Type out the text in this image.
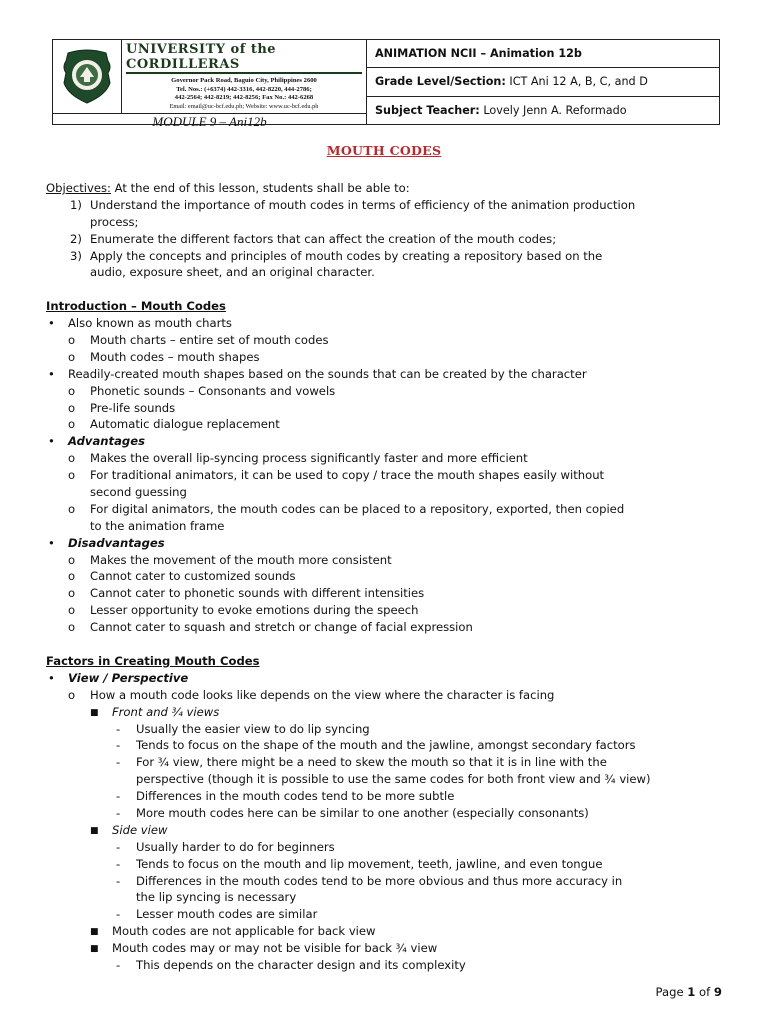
UNIVERSITY of the CORDILLERAS
Governor Pack Road, Baguio City, Philippines 2600
Tel. Nos.: (+6374) 442-3316, 442-8220, 444-2786;
442-2564; 442-8219; 442-8256; Fax No.: 442-6268
Email: email@uc-bcf.edu.ph; Website: www.uc-bcf.edu.ph
MODULE 9 – Ani12b
ANIMATION NCII – Animation 12b
Grade Level/Section:
ICT Ani 12 A, B, C, and D
Subject Teacher:
Lovely Jenn A. Reformado
MOUTH CODES
Objectives: At the end of this lesson, students shall be able to:
1) Understand the importance of mouth codes in terms of efficiency of the animation production
process;
2) Enumerate the different factors that can affect the creation of the mouth codes;
3) Apply the concepts and principles of mouth codes by creating a repository based on the
audio, exposure sheet, and an original character.
Introduction – Mouth Codes
• Also known as mouth charts
o Mouth charts – entire set of mouth codes
o Mouth codes – mouth shapes
• Readily-created mouth shapes based on the sounds that can be created by the character
o Phonetic sounds – Consonants and vowels
o Pre-life sounds
o Automatic dialogue replacement
• Advantages
o Makes the overall lip-syncing process significantly faster and more efficient
o For traditional animators, it can be used to copy / trace the mouth shapes easily without
second guessing
o For digital animators, the mouth codes can be placed to a repository, exported, then copied
to the animation frame
• Disadvantages
o Makes the movement of the mouth more consistent
o Cannot cater to customized sounds
o Cannot cater to phonetic sounds with different intensities
o Lesser opportunity to evoke emotions during the speech
o Cannot cater to squash and stretch or change of facial expression
Factors in Creating Mouth Codes
• View / Perspective
o How a mouth code looks like depends on the view where the character is facing
■ Front and ¾ views
- Usually the easier view to do lip syncing
- Tends to focus on the shape of the mouth and the jawline, amongst secondary factors
- For ¾ view, there might be a need to skew the mouth so that it is in line with the
perspective (though it is possible to use the same codes for both front view and ¾ view)
- Differences in the mouth codes tend to be more subtle
- More mouth codes here can be similar to one another (especially consonants)
■ Side view
- Usually harder to do for beginners
- Tends to focus on the mouth and lip movement, teeth, jawline, and even tongue
- Differences in the mouth codes tend to be more obvious and thus more accuracy in
the lip syncing is necessary
- Lesser mouth codes are similar
■ Mouth codes are not applicable for back view
■ Mouth codes may or may not be visible for back ¾ view
- This depends on the character design and its complexity
Page 1 of 9
